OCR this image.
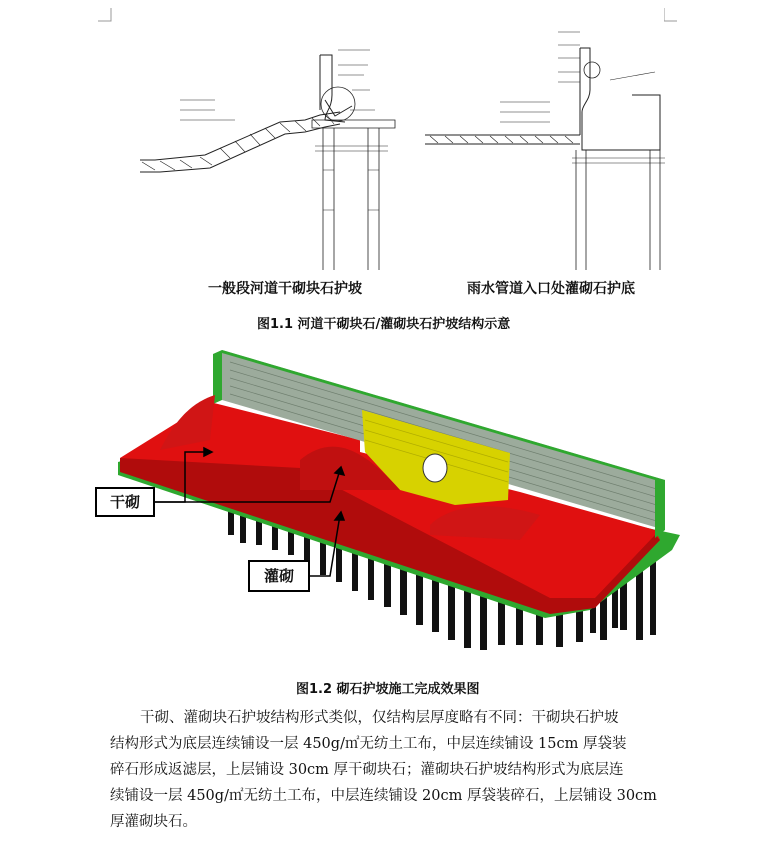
一般段河道干砌块石护坡	雨水管道入口处灌砌石护底
图1.1 河道干砌块石/灌砌块石护坡结构示意
干砌
灌砌
图1.2 砌石护坡施工完成效果图

干砌、灌砌块石护坡结构形式类似，仅结构层厚度略有不同：干砌块石护坡

结构形式为底层连续铺设一层 450g/㎡无纺土工布，中层连续铺设 15cm 厚袋装

碎石形成返滤层，上层铺设 30cm 厚干砌块石；灌砌块石护坡结构形式为底层连

续铺设一层 450g/㎡无纺土工布，中层连续铺设 20cm 厚袋装碎石，上层铺设 30cm

厚灌砌块石。
